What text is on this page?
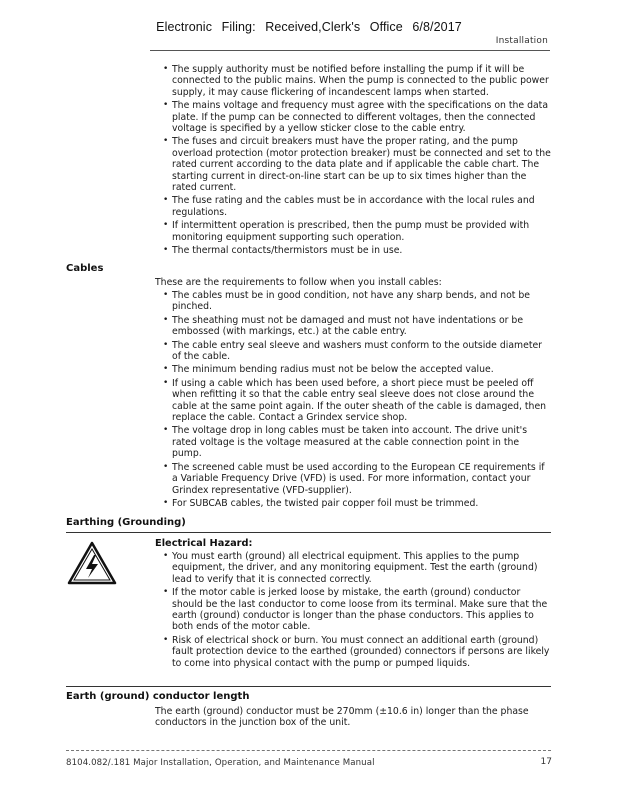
Electronic Filing: Received,Clerk's Office 6/8/2017
Installation
• The supply authority must be notified before installing the pump if it will be connected to the public mains. When the pump is connected to the public power supply, it may cause flickering of incandescent lamps when started.
• The mains voltage and frequency must agree with the specifications on the data plate. If the pump can be connected to different voltages, then the connected voltage is specified by a yellow sticker close to the cable entry.
• The fuses and circuit breakers must have the proper rating, and the pump overload protection (motor protection breaker) must be connected and set to the rated current according to the data plate and if applicable the cable chart. The starting current in direct-on-line start can be up to six times higher than the rated current.
• The fuse rating and the cables must be in accordance with the local rules and regulations.
• If intermittent operation is prescribed, then the pump must be provided with monitoring equipment supporting such operation.
• The thermal contacts/thermistors must be in use.
Cables
These are the requirements to follow when you install cables:
• The cables must be in good condition, not have any sharp bends, and not be pinched.
• The sheathing must not be damaged and must not have indentations or be embossed (with markings, etc.) at the cable entry.
• The cable entry seal sleeve and washers must conform to the outside diameter of the cable.
• The minimum bending radius must not be below the accepted value.
• If using a cable which has been used before, a short piece must be peeled off when refitting it so that the cable entry seal sleeve does not close around the cable at the same point again. If the outer sheath of the cable is damaged, then replace the cable. Contact a Grindex service shop.
• The voltage drop in long cables must be taken into account. The drive unit's rated voltage is the voltage measured at the cable connection point in the pump.
• The screened cable must be used according to the European CE requirements if a Variable Frequency Drive (VFD) is used. For more information, contact your Grindex representative (VFD-supplier).
• For SUBCAB cables, the twisted pair copper foil must be trimmed.
Earthing (Grounding)
Electrical Hazard:
• You must earth (ground) all electrical equipment. This applies to the pump equipment, the driver, and any monitoring equipment. Test the earth (ground) lead to verify that it is connected correctly.
• If the motor cable is jerked loose by mistake, the earth (ground) conductor should be the last conductor to come loose from its terminal. Make sure that the earth (ground) conductor is longer than the phase conductors. This applies to both ends of the motor cable.
• Risk of electrical shock or burn. You must connect an additional earth (ground) fault protection device to the earthed (grounded) connectors if persons are likely to come into physical contact with the pump or pumped liquids.
Earth (ground) conductor length
The earth (ground) conductor must be 270mm (±10.6 in) longer than the phase conductors in the junction box of the unit.
8104.082/.181 Major Installation, Operation, and Maintenance Manual	17
